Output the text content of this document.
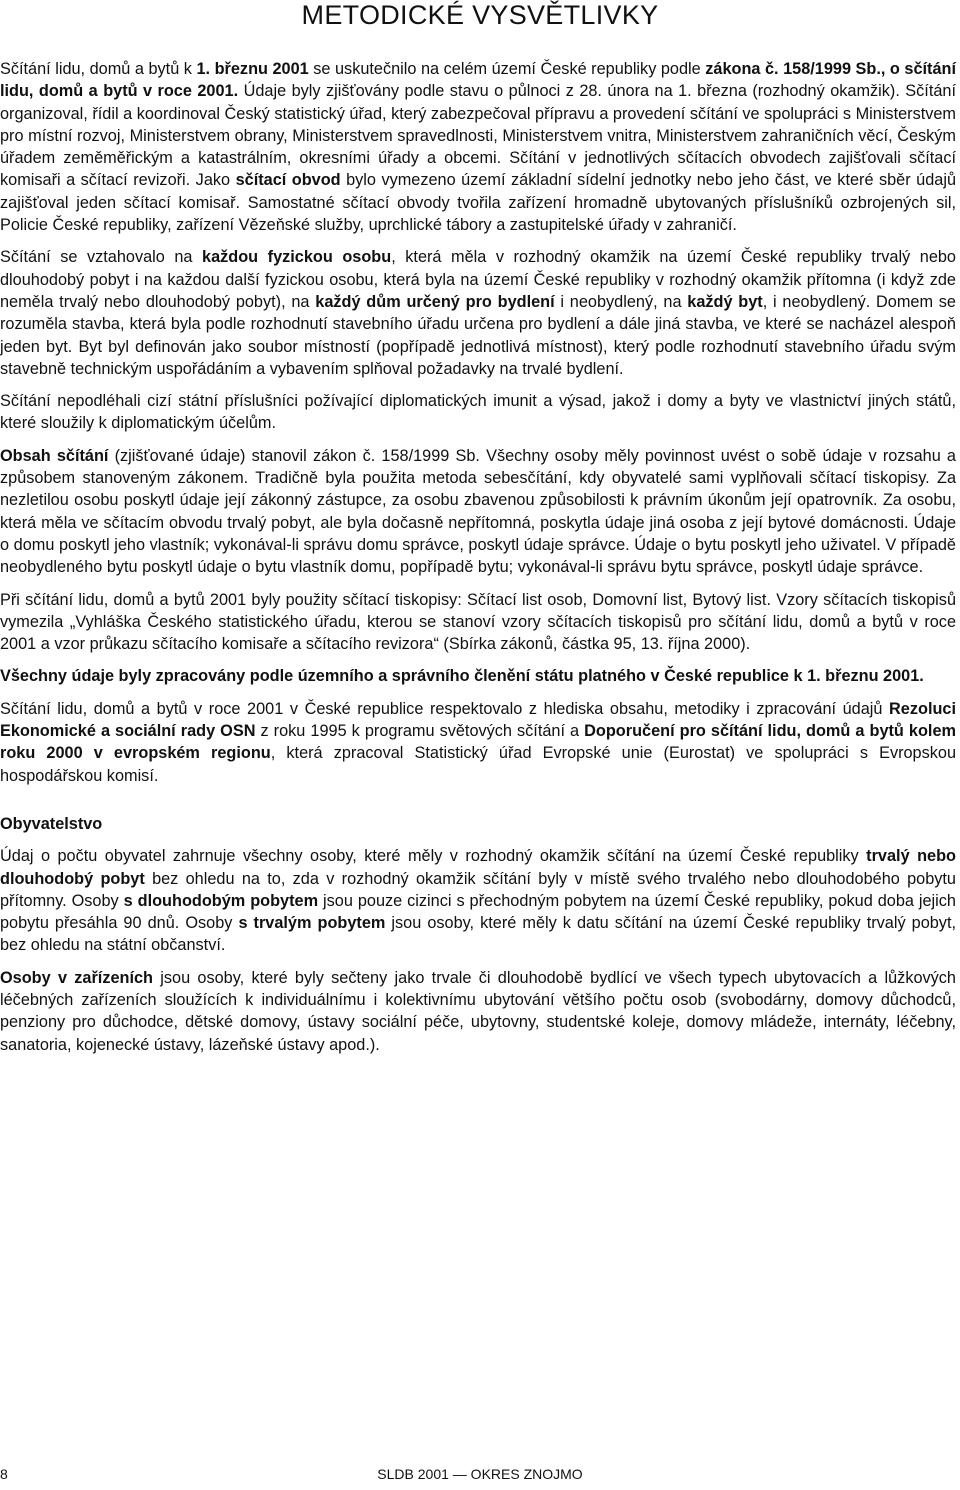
METODICKÉ VYSVĚTLIVKY

Sčítání lidu, domů a bytů k 1. březnu 2001 se uskutečnilo na celém území České republiky podle zákona č. 158/1999 Sb., o sčítání lidu, domů a bytů v roce 2001. Údaje byly zjišťovány podle stavu o půlnoci z 28. února na 1. března (rozhodný okamžik). Sčítání organizoval, řídil a koordinoval Český statistický úřad, který zabezpečoval přípravu a provedení sčítání ve spolupráci s Ministerstvem pro místní rozvoj, Ministerstvem obrany, Ministerstvem spravedlnosti, Ministerstvem vnitra, Ministerstvem zahraničních věcí, Českým úřadem zeměměřickým a katastrálním, okresními úřady a obcemi. Sčítání v jednotlivých sčítacích obvodech zajišťovali sčítací komisaři a sčítací revizoři. Jako sčítací obvod bylo vymezeno území základní sídelní jednotky nebo jeho část, ve které sběr údajů zajišťoval jeden sčítací komisař. Samostatné sčítací obvody tvořila zařízení hromadně ubytovaných příslušníků ozbrojených sil, Policie České republiky, zařízení Vězeňské služby, uprchlické tábory a zastupitelské úřady v zahraničí.

Sčítání se vztahovalo na každou fyzickou osobu, která měla v rozhodný okamžik na území České republiky trvalý nebo dlouhodobý pobyt i na každou další fyzickou osobu, která byla na území České republiky v rozhodný okamžik přítomna (i když zde neměla trvalý nebo dlouhodobý pobyt), na každý dům určený pro bydlení i neobydlený, na každý byt, i neobydlený. Domem se rozuměla stavba, která byla podle rozhodnutí stavebního úřadu určena pro bydlení a dále jiná stavba, ve které se nacházel alespoň jeden byt. Byt byl definován jako soubor místností (popřípadě jednotlivá místnost), který podle rozhodnutí stavebního úřadu svým stavebně technickým uspořádáním a vybavením splňoval požadavky na trvalé bydlení.

Sčítání nepodléhali cizí státní příslušníci požívající diplomatických imunit a výsad, jakož i domy a byty ve vlastnictví jiných států, které sloužily k diplomatickým účelům.

Obsah sčítání (zjišťované údaje) stanovil zákon č. 158/1999 Sb. Všechny osoby měly povinnost uvést o sobě údaje v rozsahu a způsobem stanoveným zákonem. Tradičně byla použita metoda sebesčítání, kdy obyvatelé sami vyplňovali sčítací tiskopisy. Za nezletilou osobu poskytl údaje její zákonný zástupce, za osobu zbavenou způsobilosti k právním úkonům její opatrovník. Za osobu, která měla ve sčítacím obvodu trvalý pobyt, ale byla dočasně nepřítomná, poskytla údaje jiná osoba z její bytové domácnosti. Údaje o domu poskytl jeho vlastník; vykonával-li správu domu správce, poskytl údaje správce. Údaje o bytu poskytl jeho uživatel. V případě neobydleného bytu poskytl údaje o bytu vlastník domu, popřípadě bytu; vykonával-li správu bytu správce, poskytl údaje správce.

Při sčítání lidu, domů a bytů 2001 byly použity sčítací tiskopisy: Sčítací list osob, Domovní list, Bytový list. Vzory sčítacích tiskopisů vymezila „Vyhláška Českého statistického úřadu, kterou se stanoví vzory sčítacích tiskopisů pro sčítání lidu, domů a bytů v roce 2001 a vzor průkazu sčítacího komisaře a sčítacího revizora“ (Sbírka zákonů, částka 95, 13. října 2000).

Všechny údaje byly zpracovány podle územního a správního členění státu platného v České republice k 1. březnu 2001.

Sčítání lidu, domů a bytů v roce 2001 v České republice respektovalo z hlediska obsahu, metodiky i zpracování údajů Rezoluci Ekonomické a sociální rady OSN z roku 1995 k programu světových sčítání a Doporučení pro sčítání lidu, domů a bytů kolem roku 2000 v evropském regionu, která zpracoval Statistický úřad Evropské unie (Eurostat) ve spolupráci s Evropskou hospodářskou komisí.

Obyvatelstvo

Údaj o počtu obyvatel zahrnuje všechny osoby, které měly v rozhodný okamžik sčítání na území České republiky trvalý nebo dlouhodobý pobyt bez ohledu na to, zda v rozhodný okamžik sčítání byly v místě svého trvalého nebo dlouhodobého pobytu přítomny. Osoby s dlouhodobým pobytem jsou pouze cizinci s přechodným pobytem na území České republiky, pokud doba jejich pobytu přesáhla 90 dnů. Osoby s trvalým pobytem jsou osoby, které měly k datu sčítání na území České republiky trvalý pobyt, bez ohledu na státní občanství.

Osoby v zařízeních jsou osoby, které byly sečteny jako trvale či dlouhodobě bydlící ve všech typech ubytovacích a lůžkových léčebných zařízeních sloužících k individuálnímu i kolektivnímu ubytování většího počtu osob (svobodárny, domovy důchodců, penziony pro důchodce, dětské domovy, ústavy sociální péče, ubytovny, studentské koleje, domovy mládeže, internáty, léčebny, sanatoria, kojenecké ústavy, lázeňské ústavy apod.).

8	SLDB 2001 — OKRES ZNOJMO
